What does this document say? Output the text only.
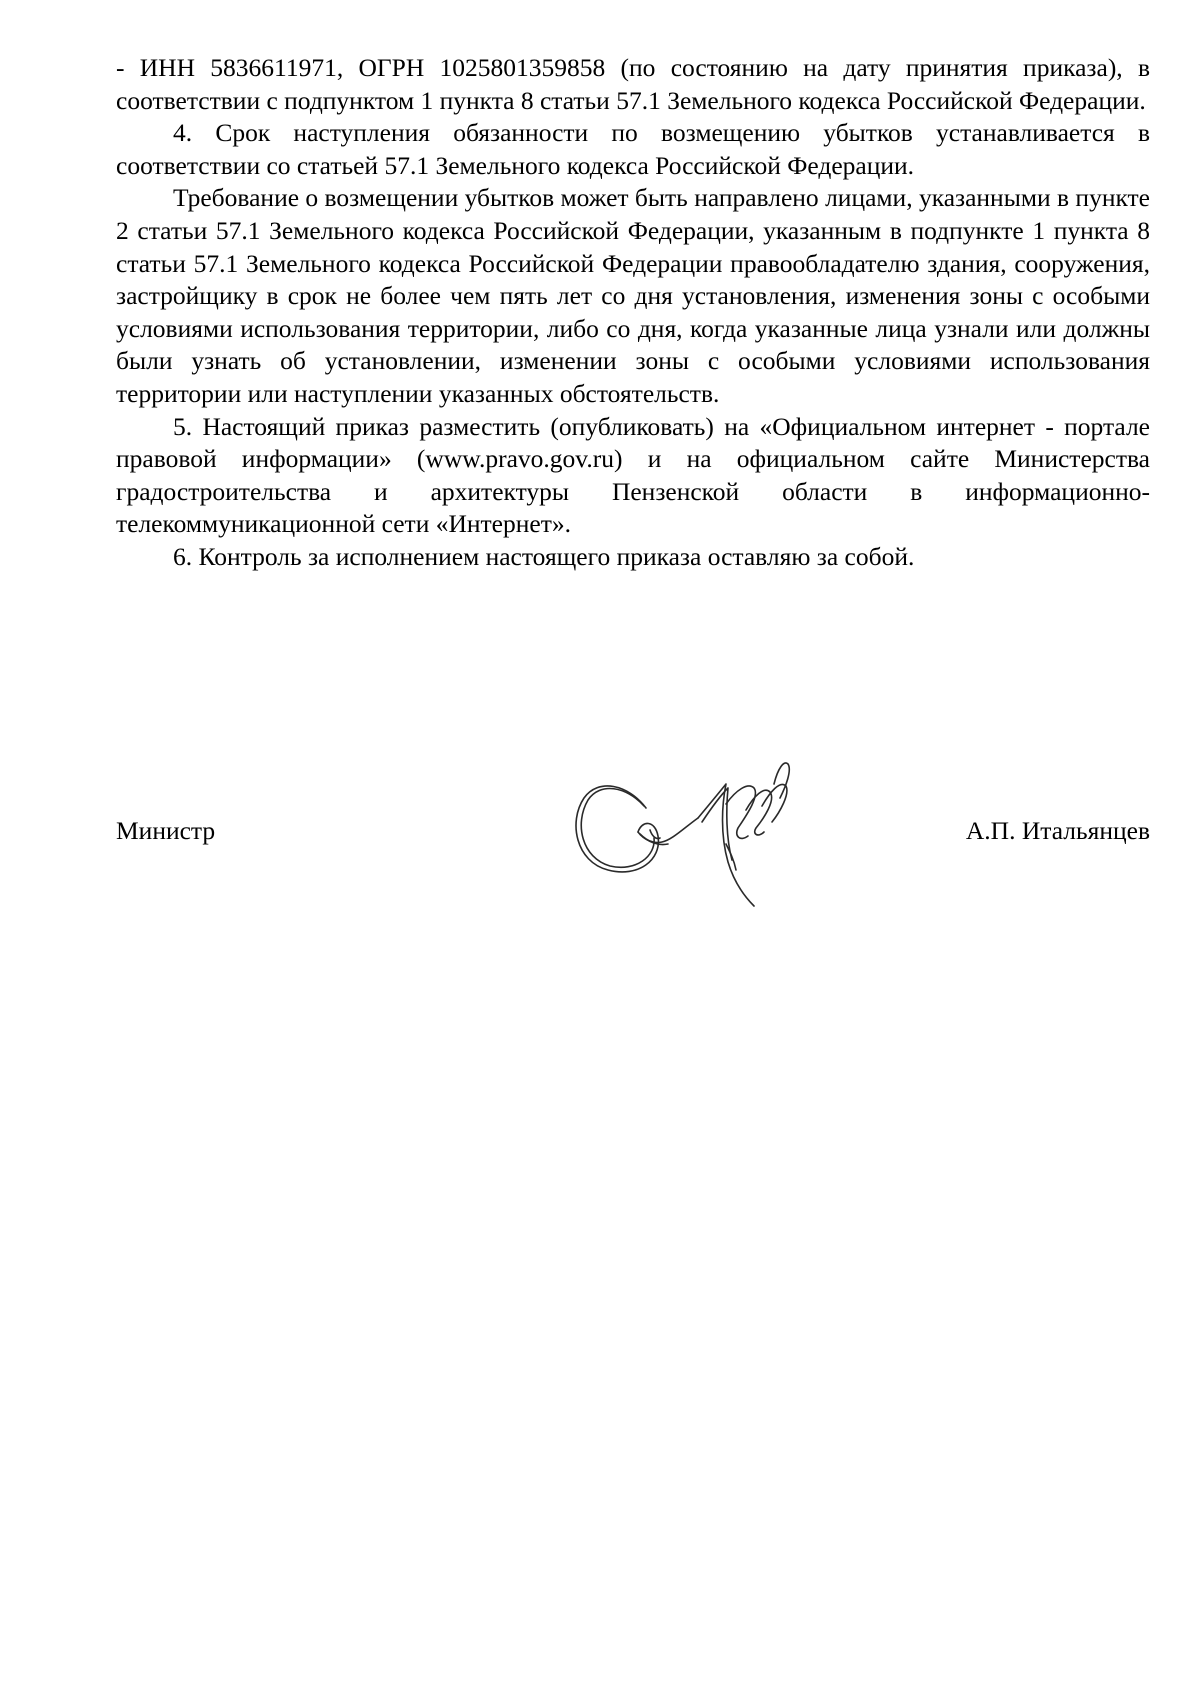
- ИНН 5836611971, ОГРН 1025801359858 (по состоянию на дату принятия приказа), в соответствии с подпунктом 1 пункта 8 статьи 57.1 Земельного кодекса Российской Федерации.

4. Срок наступления обязанности по возмещению убытков устанавливается в соответствии со статьей 57.1 Земельного кодекса Российской Федерации.

Требование о возмещении убытков может быть направлено лицами, указанными в пункте 2 статьи 57.1 Земельного кодекса Российской Федерации, указанным в подпункте 1 пункта 8 статьи 57.1 Земельного кодекса Российской Федерации правообладателю здания, сооружения, застройщику в срок не более чем пять лет со дня установления, изменения зоны с особыми условиями использования территории, либо со дня, когда указанные лица узнали или должны были узнать об установлении, изменении зоны с особыми условиями использования территории или наступлении указанных обстоятельств.

5. Настоящий приказ разместить (опубликовать) на «Официальном интернет - портале правовой информации» (www.pravo.gov.ru) и на официальном сайте Министерства градостроительства и архитектуры Пензенской области в информационно-телекоммуникационной сети «Интернет».

6. Контроль за исполнением настоящего приказа оставляю за собой.

Министр	А.П. Итальянцев
